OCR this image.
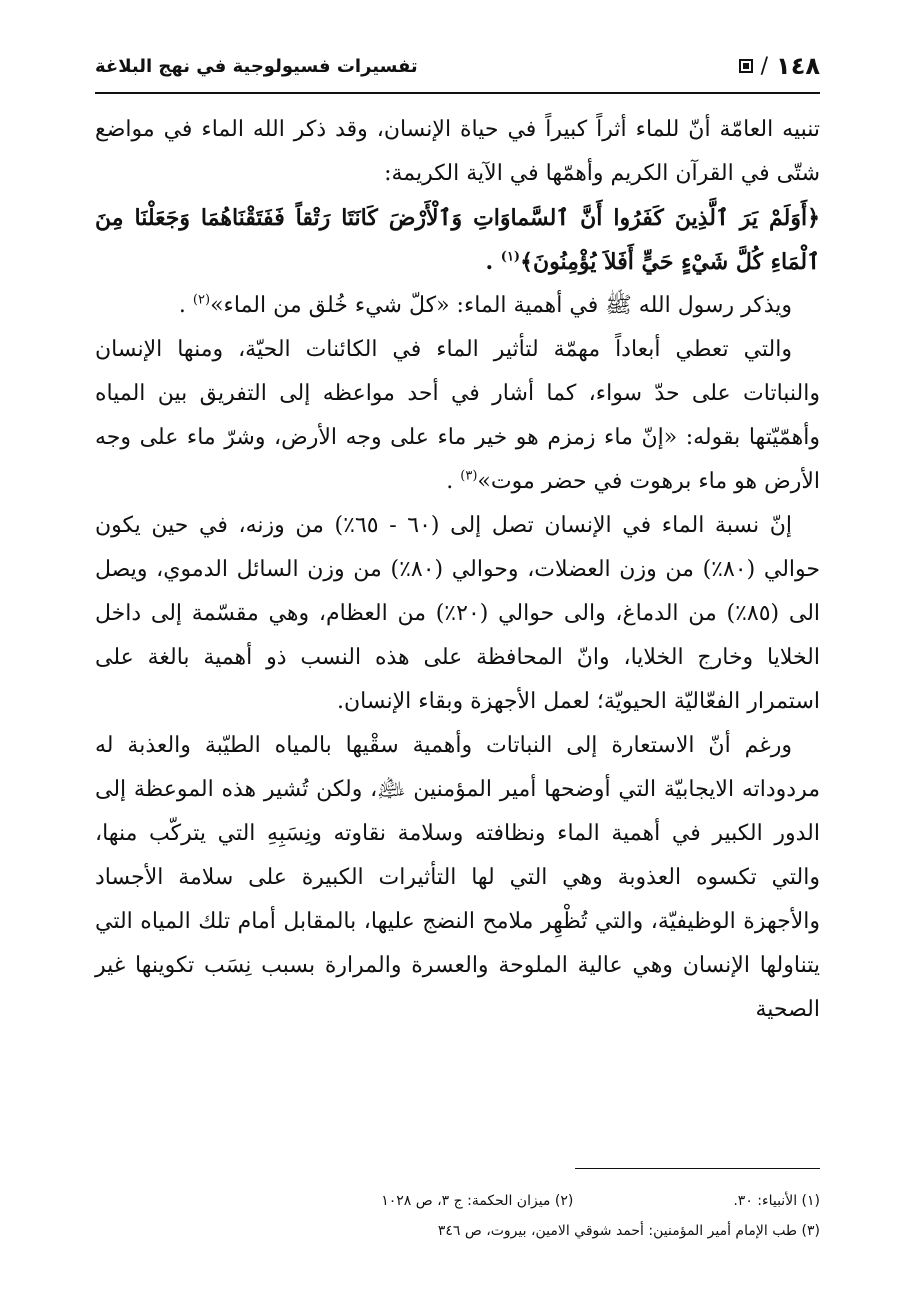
تفسيرات فسيولوجية في نهج البلاغة	/ ١٤٨

تنبيه العامّة أنّ للماء أثراً كبيراً في حياة الإنسان، وقد ذكر الله الماء في مواضع شتّى في القرآن الكريم وأهمّها في الآية الكريمة:

﴿أَوَلَمْ يَرَ ٱلَّذِينَ كَفَرُوا أَنَّ ٱلسَّماوَاتِ وَٱلْأَرْضَ كَانَتَا رَتْقاً فَفَتَقْنَاهُمَا وَجَعَلْنَا مِنَ ٱلْمَاءِ كُلَّ شَيْءٍ حَيٍّ أَفَلاَ يُؤْمِنُونَ﴾$^{(١)}$ .

ويذكر رسول الله ﷺ في أهمية الماء: «كلّ شيء خُلق من الماء»$^{(٢)}$ .

والتي تعطي أبعاداً مهمّة لتأثير الماء في الكائنات الحيّة، ومنها الإنسان والنباتات على حدّ سواء، كما أشار في أحد مواعظه إلى التفريق بين المياه وأهمّيّتها بقوله: «إنّ ماء زمزم هو خير ماء على وجه الأرض، وشرّ ماء على وجه الأرض هو ماء برهوت في حضر موت»$^{(٣)}$ .

إنّ نسبة الماء في الإنسان تصل إلى (٦٠ - ٦٥٪) من وزنه، في حين يكون حوالي (٨٠٪) من وزن العضلات، وحوالي (٨٠٪) من وزن السائل الدموي، ويصل الى (٨٥٪) من الدماغ، والى حوالي (٢٠٪) من العظام، وهي مقسّمة إلى داخل الخلايا وخارج الخلايا، وانّ المحافظة على هذه النسب ذو أهمية بالغة على استمرار الفعّاليّة الحيويّة؛ لعمل الأجهزة وبقاء الإنسان.

ورغم أنّ الاستعارة إلى النباتات وأهمية سقْيها بالمياه الطيّبة والعذبة له مردوداته الايجابيّة التي أوضحها أمير المؤمنين ﵇، ولكن تُشير هذه الموعظة إلى الدور الكبير في أهمية الماء ونظافته وسلامة نقاوته ونِسَبِهِ التي يتركّب منها، والتي تكسوه العذوبة وهي التي لها التأثيرات الكبيرة على سلامة الأجساد والأجهزة الوظيفيّة، والتي تُظْهِر ملامح النضج عليها، بالمقابل أمام تلك المياه التي يتناولها الإنسان وهي عالية الملوحة والعسرة والمرارة بسبب نِسَب تكوينها غير الصحية

(١) الأنبياء: ٣٠.
(٢) ميزان الحكمة: ج ٣، ص ١٠٢٨
(٣) طب الإمام أمير المؤمنين: أحمد شوقي الامين، بيروت، ص ٣٤٦
